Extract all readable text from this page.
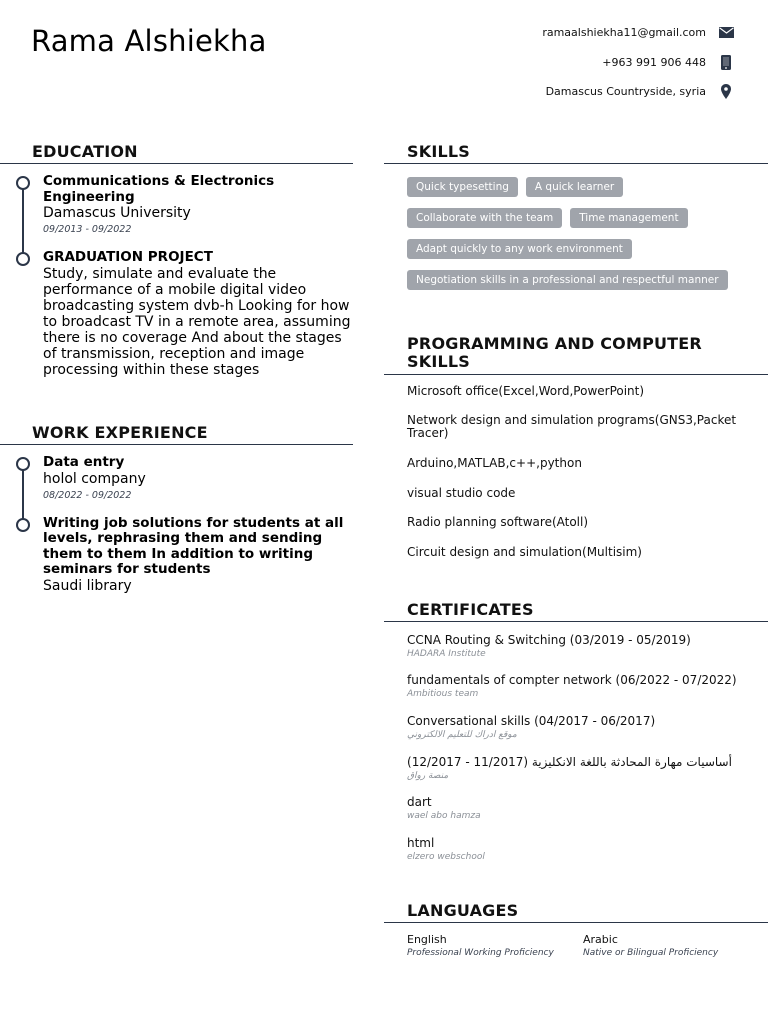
Rama Alshiekha	ramaalshiekha11@gmail.com
+963 991 906 448
Damascus Countryside, syria
EDUCATION
Communications & Electronics Engineering
Damascus University
09/2013 - 09/2022
GRADUATION PROJECT
Study, simulate and evaluate the performance of a mobile digital video broadcasting system dvb-h Looking for how to broadcast TV in a remote area, assuming there is no coverage And about the stages of transmission, reception and image processing within these stages
WORK EXPERIENCE
Data entry
holol company
08/2022 - 09/2022
Writing job solutions for students at all levels, rephrasing them and sending them to them In addition to writing seminars for students
Saudi library
SKILLS
Quick typesetting	A quick learner
Collaborate with the team	Time management
Adapt quickly to any work environment
Negotiation skills in a professional and respectful manner
PROGRAMMING AND COMPUTER SKILLS
Microsoft office(Excel,Word,PowerPoint)
Network design and simulation programs(GNS3,Packet Tracer)
Arduino,MATLAB,c++,python
visual studio code
Radio planning software(Atoll)
Circuit design and simulation(Multisim)
CERTIFICATES
CCNA Routing & Switching (03/2019 - 05/2019)
HADARA Institute
fundamentals of compter network (06/2022 - 07/2022)
Ambitious team
Conversational skills (04/2017 - 06/2017)
موقع ادراك للتعليم الالكتروني
أساسيات مهارة المحادثة باللغة الانكليزية (11/2017 - 12/2017)
منصة رواق
dart
wael abo hamza
html
elzero webschool
LANGUAGES
English
Professional Working Proficiency
Arabic
Native or Bilingual Proficiency
